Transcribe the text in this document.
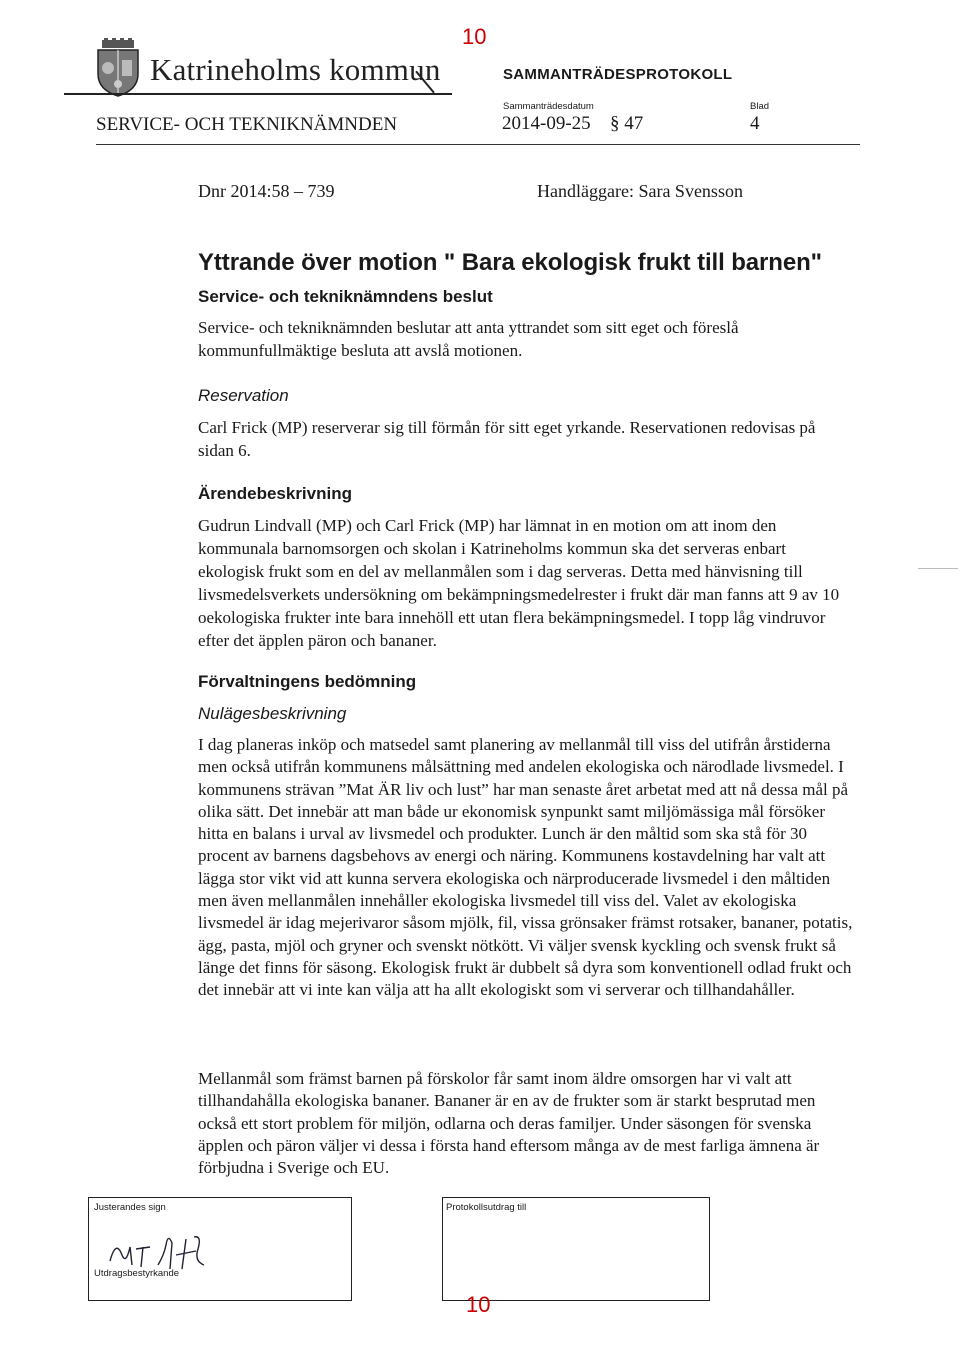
Katrineholms kommun
10
SAMMANTRÄDESPROTOKOLL
SERVICE- OCH TEKNIKNÄMNDEN
Sammanträdesdatum
2014-09-25 § 47
Blad
4
Dnr 2014:58 – 739	Handläggare: Sara Svensson
Yttrande över motion " Bara ekologisk frukt till barnen"
Service- och tekniknämndens beslut
Service- och tekniknämnden beslutar att anta yttrandet som sitt eget och föreslå kommunfullmäktige besluta att avslå motionen.
Reservation
Carl Frick (MP) reserverar sig till förmån för sitt eget yrkande. Reservationen redovisas på sidan 6.
Ärendebeskrivning
Gudrun Lindvall (MP) och Carl Frick (MP) har lämnat in en motion om att inom den kommunala barnomsorgen och skolan i Katrineholms kommun ska det serveras enbart ekologisk frukt som en del av mellanmålen som i dag serveras. Detta med hänvisning till livsmedelsverkets undersökning om bekämpningsmedelrester i frukt där man fanns att 9 av 10 oekologiska frukter inte bara innehöll ett utan flera bekämpningsmedel. I topp låg vindruvor efter det äpplen päron och bananer.
Förvaltningens bedömning
Nulägesbeskrivning
I dag planeras inköp och matsedel samt planering av mellanmål till viss del utifrån årstiderna men också utifrån kommunens målsättning med andelen ekologiska och närodlade livsmedel. I kommunens strävan ”Mat ÄR liv och lust” har man senaste året arbetat med att nå dessa mål på olika sätt. Det innebär att man både ur ekonomisk synpunkt samt miljömässiga mål försöker hitta en balans i urval av livsmedel och produkter. Lunch är den måltid som ska stå för 30 procent av barnens dagsbehovs av energi och näring. Kommunens kostavdelning har valt att lägga stor vikt vid att kunna servera ekologiska och närproducerade livsmedel i den måltiden men även mellanmålen innehåller ekologiska livsmedel till viss del. Valet av ekologiska livsmedel är idag mejerivaror såsom mjölk, fil, vissa grönsaker främst rotsaker, bananer, potatis, ägg, pasta, mjöl och gryner och svenskt nötkött. Vi väljer svensk kyckling och svensk frukt så länge det finns för säsong. Ekologisk frukt är dubbelt så dyra som konventionell odlad frukt och det innebär att vi inte kan välja att ha allt ekologiskt som vi serverar och tillhandahåller.
Mellanmål som främst barnen på förskolor får samt inom äldre omsorgen har vi valt att tillhandahålla ekologiska bananer. Bananer är en av de frukter som är starkt besprutad men också ett stort problem för miljön, odlarna och deras familjer. Under säsongen för svenska äpplen och päron väljer vi dessa i första hand eftersom många av de mest farliga ämnena är förbjudna i Sverige och EU.
Justerandes sign
Utdragsbestyrkande
Protokollsutdrag till
10
